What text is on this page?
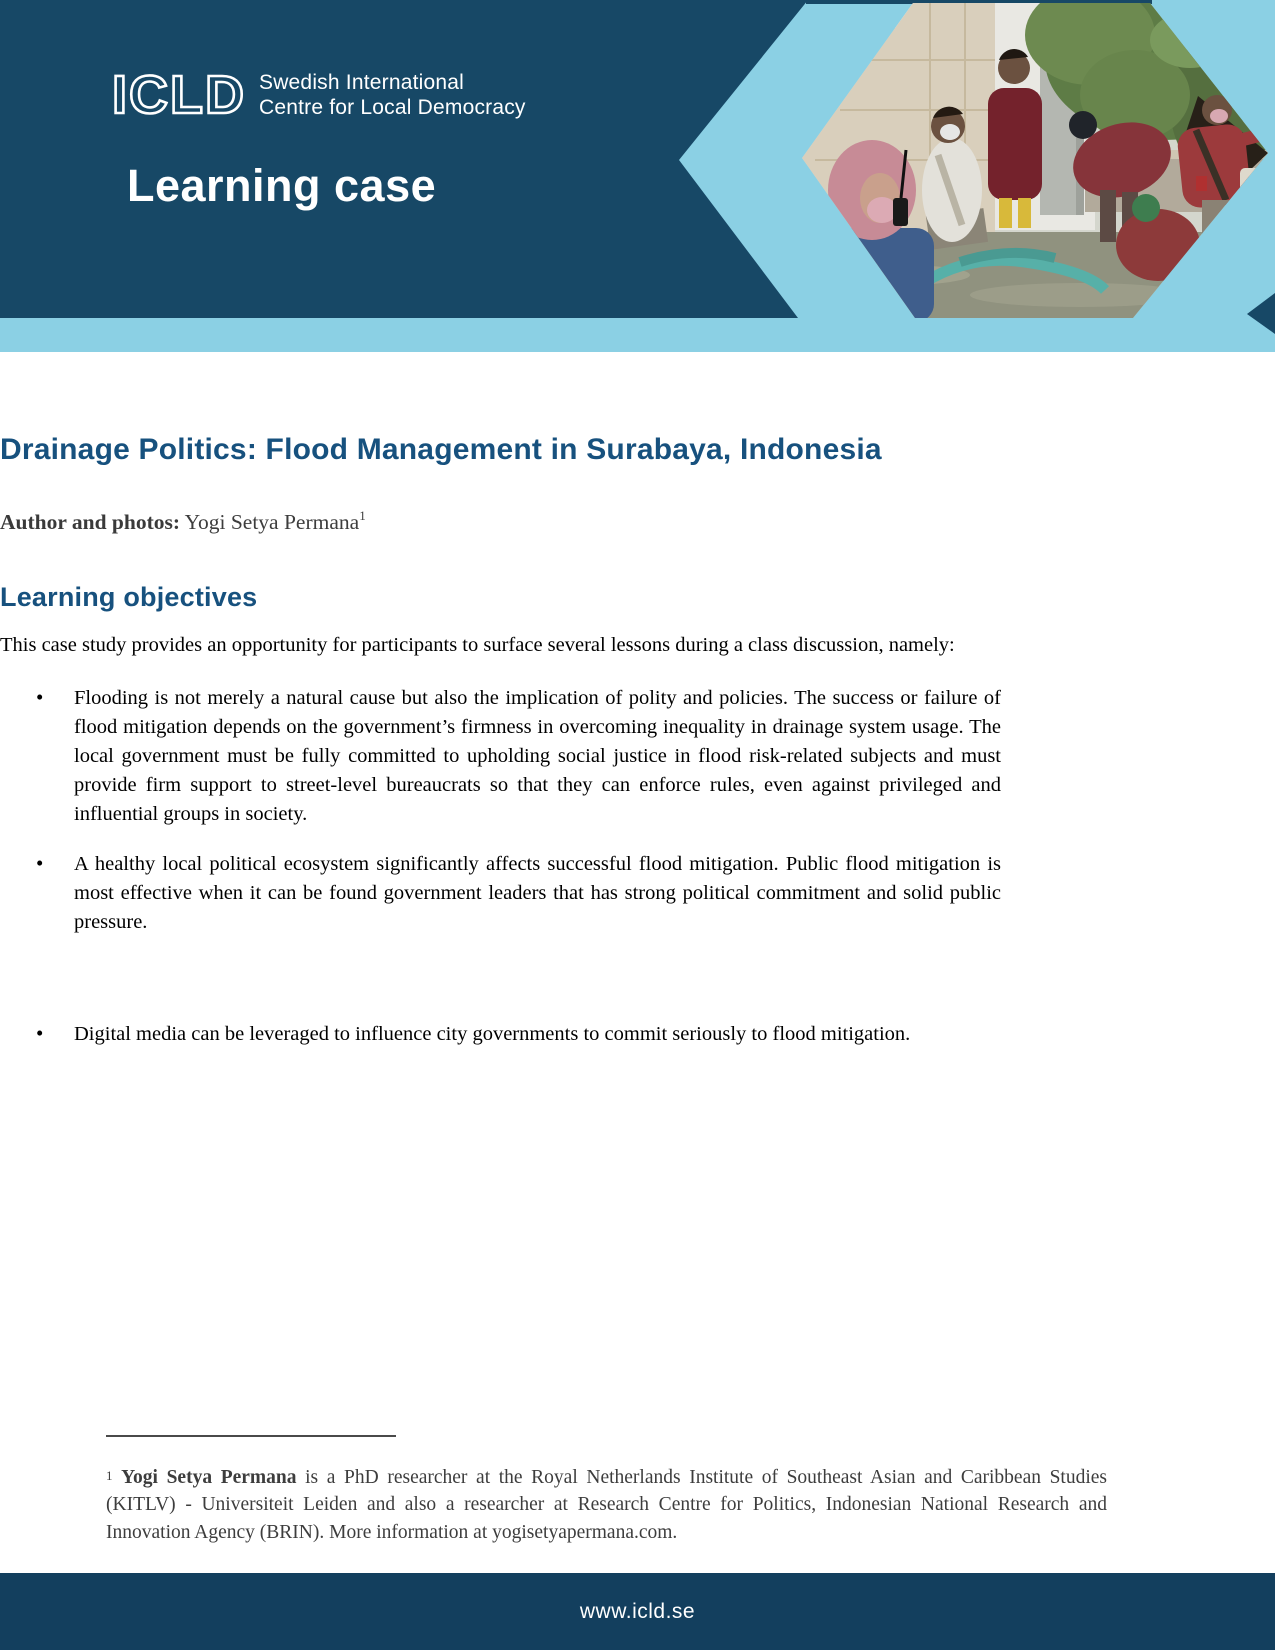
ICLD Swedish International
Centre for Local Democracy
Learning case
Drainage Politics: Flood Management in Surabaya, Indonesia

Author and photos: Yogi Setya Permana$^1$

Learning objectives

This case study provides an opportunity for participants to surface several lessons during a class discussion, namely:

• Flooding is not merely a natural cause but also the implication of polity and policies. The success or failure of flood mitigation depends on the government’s firmness in overcoming inequality in drainage system usage. The local government must be fully committed to upholding social justice in flood risk-related subjects and must provide firm support to street-level bureaucrats so that they can enforce rules, even against privileged and influential groups in society.
• A healthy local political ecosystem significantly affects successful flood mitigation. Public flood mitigation is most effective when it can be found government leaders that has strong political commitment and solid public pressure.
• Digital media can be leveraged to influence city governments to commit seriously to flood mitigation.

$^1$ Yogi Setya Permana is a PhD researcher at the Royal Netherlands Institute of Southeast Asian and Caribbean Studies (KITLV) - Universiteit Leiden and also a researcher at Research Centre for Politics, Indonesian National Research and Innovation Agency (BRIN). More information at yogisetyapermana.com.

www.icld.se
